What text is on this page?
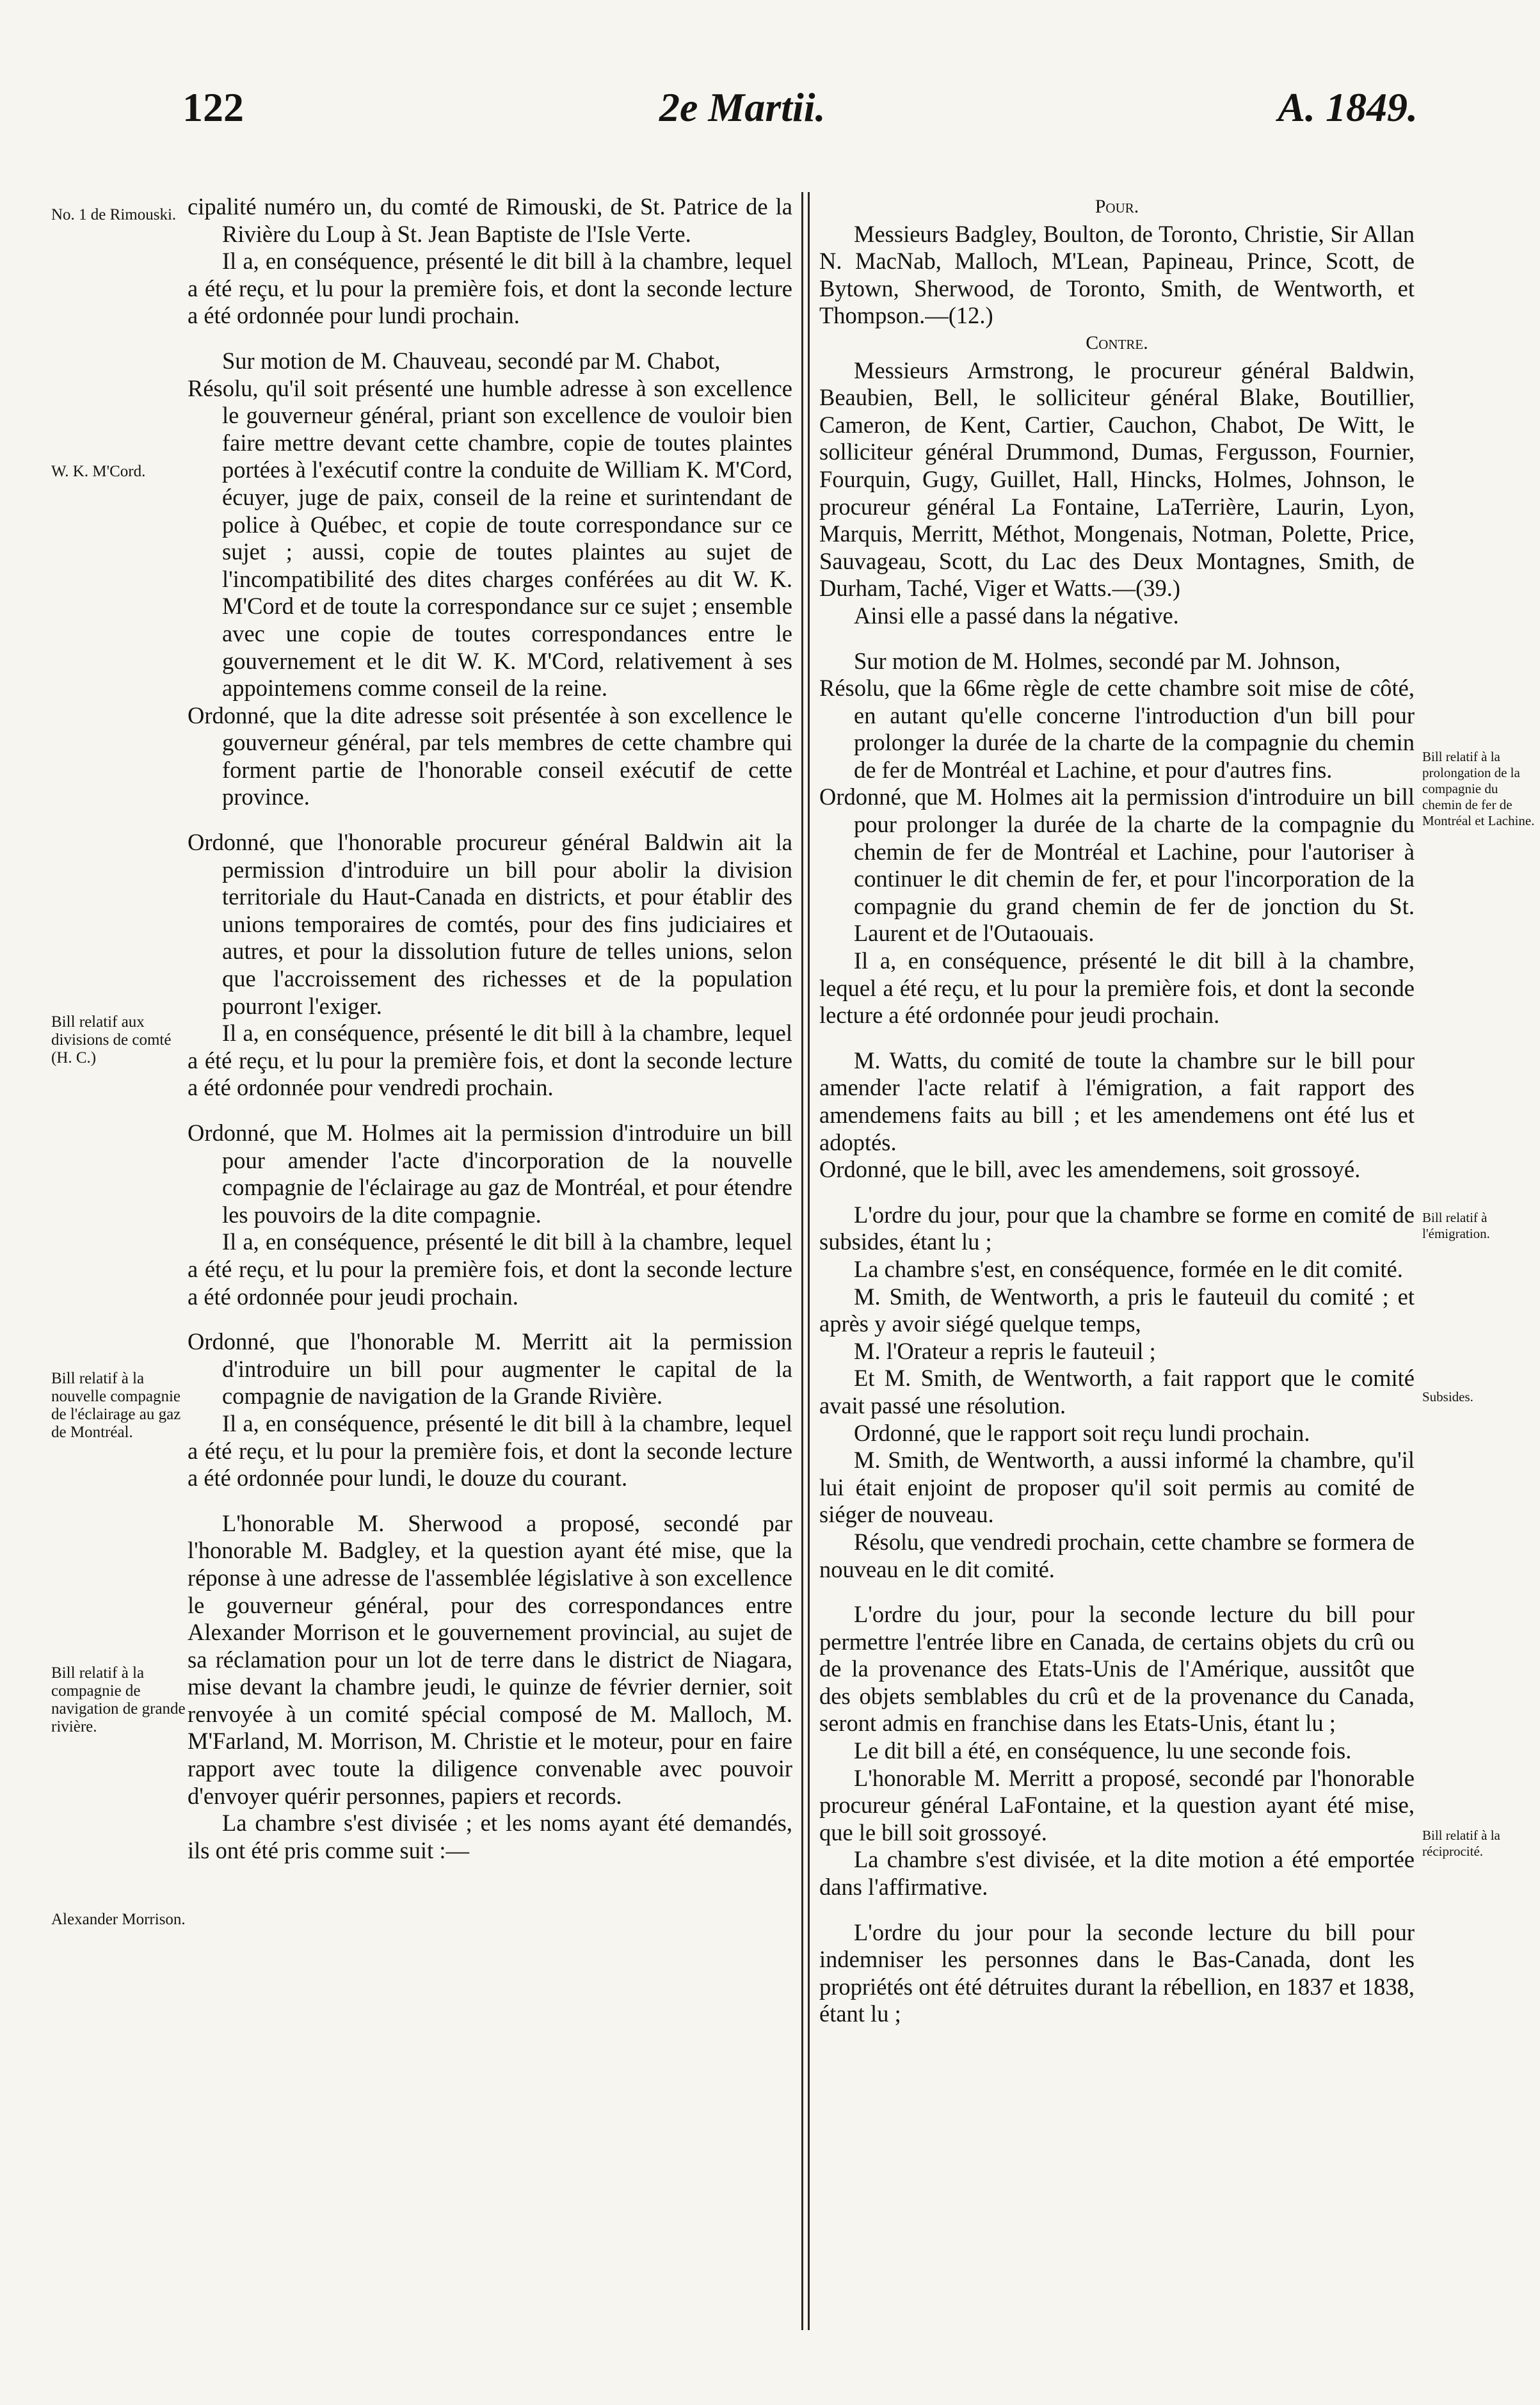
122	2e Martii.	A. 1849.
No. 1 de Rimouski.
W. K. M'Cord.
Bill relatif aux divisions de comté (H. C.)
Bill relatif à la nouvelle compagnie de l'éclairage au gaz de Montréal.
Bill relatif à la compagnie de navigation de grande rivière.
Alexander Morrison.

cipalité numéro un, du comté de Rimouski, de St. Patrice de la Rivière du Loup à St. Jean Baptiste de l'Isle Verte.

Il a, en conséquence, présenté le dit bill à la chambre, lequel a été reçu, et lu pour la première fois, et dont la seconde lecture a été ordonnée pour lundi prochain.

Sur motion de M. Chauveau, secondé par M. Chabot,

Résolu, qu'il soit présenté une humble adresse à son excellence le gouverneur général, priant son excellence de vouloir bien faire mettre devant cette chambre, copie de toutes plaintes portées à l'exécutif contre la conduite de William K. M'Cord, écuyer, juge de paix, conseil de la reine et surintendant de police à Québec, et copie de toute correspondance sur ce sujet ; aussi, copie de toutes plaintes au sujet de l'incompatibilité des dites charges conférées au dit W. K. M'Cord et de toute la correspondance sur ce sujet ; ensemble avec une copie de toutes correspondances entre le gouvernement et le dit W. K. M'Cord, relativement à ses appointemens comme conseil de la reine.

Ordonné, que la dite adresse soit présentée à son excellence le gouverneur général, par tels membres de cette chambre qui forment partie de l'honorable conseil exécutif de cette province.

Ordonné, que l'honorable procureur général Baldwin ait la permission d'introduire un bill pour abolir la division territoriale du Haut-Canada en districts, et pour établir des unions temporaires de comtés, pour des fins judiciaires et autres, et pour la dissolution future de telles unions, selon que l'accroissement des richesses et de la population pourront l'exiger.

Il a, en conséquence, présenté le dit bill à la chambre, lequel a été reçu, et lu pour la première fois, et dont la seconde lecture a été ordonnée pour vendredi prochain.

Ordonné, que M. Holmes ait la permission d'introduire un bill pour amender l'acte d'incorporation de la nouvelle compagnie de l'éclairage au gaz de Montréal, et pour étendre les pouvoirs de la dite compagnie.

Il a, en conséquence, présenté le dit bill à la chambre, lequel a été reçu, et lu pour la première fois, et dont la seconde lecture a été ordonnée pour jeudi prochain.

Ordonné, que l'honorable M. Merritt ait la permission d'introduire un bill pour augmenter le capital de la compagnie de navigation de la Grande Rivière.

Il a, en conséquence, présenté le dit bill à la chambre, lequel a été reçu, et lu pour la première fois, et dont la seconde lecture a été ordonnée pour lundi, le douze du courant.

L'honorable M. Sherwood a proposé, secondé par l'honorable M. Badgley, et la question ayant été mise, que la réponse à une adresse de l'assemblée législative à son excellence le gouverneur général, pour des correspondances entre Alexander Morrison et le gouvernement provincial, au sujet de sa réclamation pour un lot de terre dans le district de Niagara, mise devant la chambre jeudi, le quinze de février dernier, soit renvoyée à un comité spécial composé de M. Malloch, M. M'Farland, M. Morrison, M. Christie et le moteur, pour en faire rapport avec toute la diligence convenable avec pouvoir d'envoyer quérir personnes, papiers et records.

La chambre s'est divisée ; et les noms ayant été demandés, ils ont été pris comme suit :—

Pour.

Messieurs Badgley, Boulton, de Toronto, Christie, Sir Allan N. MacNab, Malloch, M'Lean, Papineau, Prince, Scott, de Bytown, Sherwood, de Toronto, Smith, de Wentworth, et Thompson.—(12.)

Contre.

Messieurs Armstrong, le procureur général Baldwin, Beaubien, Bell, le solliciteur général Blake, Boutillier, Cameron, de Kent, Cartier, Cauchon, Chabot, De Witt, le solliciteur général Drummond, Dumas, Fergusson, Fournier, Fourquin, Gugy, Guillet, Hall, Hincks, Holmes, Johnson, le procureur général La Fontaine, LaTerrière, Laurin, Lyon, Marquis, Merritt, Méthot, Mongenais, Notman, Polette, Price, Sauvageau, Scott, du Lac des Deux Montagnes, Smith, de Durham, Taché, Viger et Watts.—(39.)

Ainsi elle a passé dans la négative.

Sur motion de M. Holmes, secondé par M. Johnson,

Résolu, que la 66me règle de cette chambre soit mise de côté, en autant qu'elle concerne l'introduction d'un bill pour prolonger la durée de la charte de la compagnie du chemin de fer de Montréal et Lachine, et pour d'autres fins.

Ordonné, que M. Holmes ait la permission d'introduire un bill pour prolonger la durée de la charte de la compagnie du chemin de fer de Montréal et Lachine, pour l'autoriser à continuer le dit chemin de fer, et pour l'incorporation de la compagnie du grand chemin de fer de jonction du St. Laurent et de l'Outaouais.

Il a, en conséquence, présenté le dit bill à la chambre, lequel a été reçu, et lu pour la première fois, et dont la seconde lecture a été ordonnée pour jeudi prochain.

M. Watts, du comité de toute la chambre sur le bill pour amender l'acte relatif à l'émigration, a fait rapport des amendemens faits au bill ; et les amendemens ont été lus et adoptés.

Ordonné, que le bill, avec les amendemens, soit grossoyé.

L'ordre du jour, pour que la chambre se forme en comité de subsides, étant lu ;

La chambre s'est, en conséquence, formée en le dit comité.

M. Smith, de Wentworth, a pris le fauteuil du comité ; et après y avoir siégé quelque temps,

M. l'Orateur a repris le fauteuil ;

Et M. Smith, de Wentworth, a fait rapport que le comité avait passé une résolution.

Ordonné, que le rapport soit reçu lundi prochain.

M. Smith, de Wentworth, a aussi informé la chambre, qu'il lui était enjoint de proposer qu'il soit permis au comité de siéger de nouveau.

Résolu, que vendredi prochain, cette chambre se formera de nouveau en le dit comité.

L'ordre du jour, pour la seconde lecture du bill pour permettre l'entrée libre en Canada, de certains objets du crû ou de la provenance des Etats-Unis de l'Amérique, aussitôt que des objets semblables du crû et de la provenance du Canada, seront admis en franchise dans les Etats-Unis, étant lu ;

Le dit bill a été, en conséquence, lu une seconde fois.

L'honorable M. Merritt a proposé, secondé par l'honorable procureur général LaFontaine, et la question ayant été mise, que le bill soit grossoyé.

La chambre s'est divisée, et la dite motion a été emportée dans l'affirmative.

L'ordre du jour pour la seconde lecture du bill pour indemniser les personnes dans le Bas-Canada, dont les propriétés ont été détruites durant la rébellion, en 1837 et 1838, étant lu ;

Bill relatif à la prolongation de la compagnie du chemin de fer de Montréal et Lachine.
Bill relatif à l'émigration.
Subsides.
Bill relatif à la réciprocité.
